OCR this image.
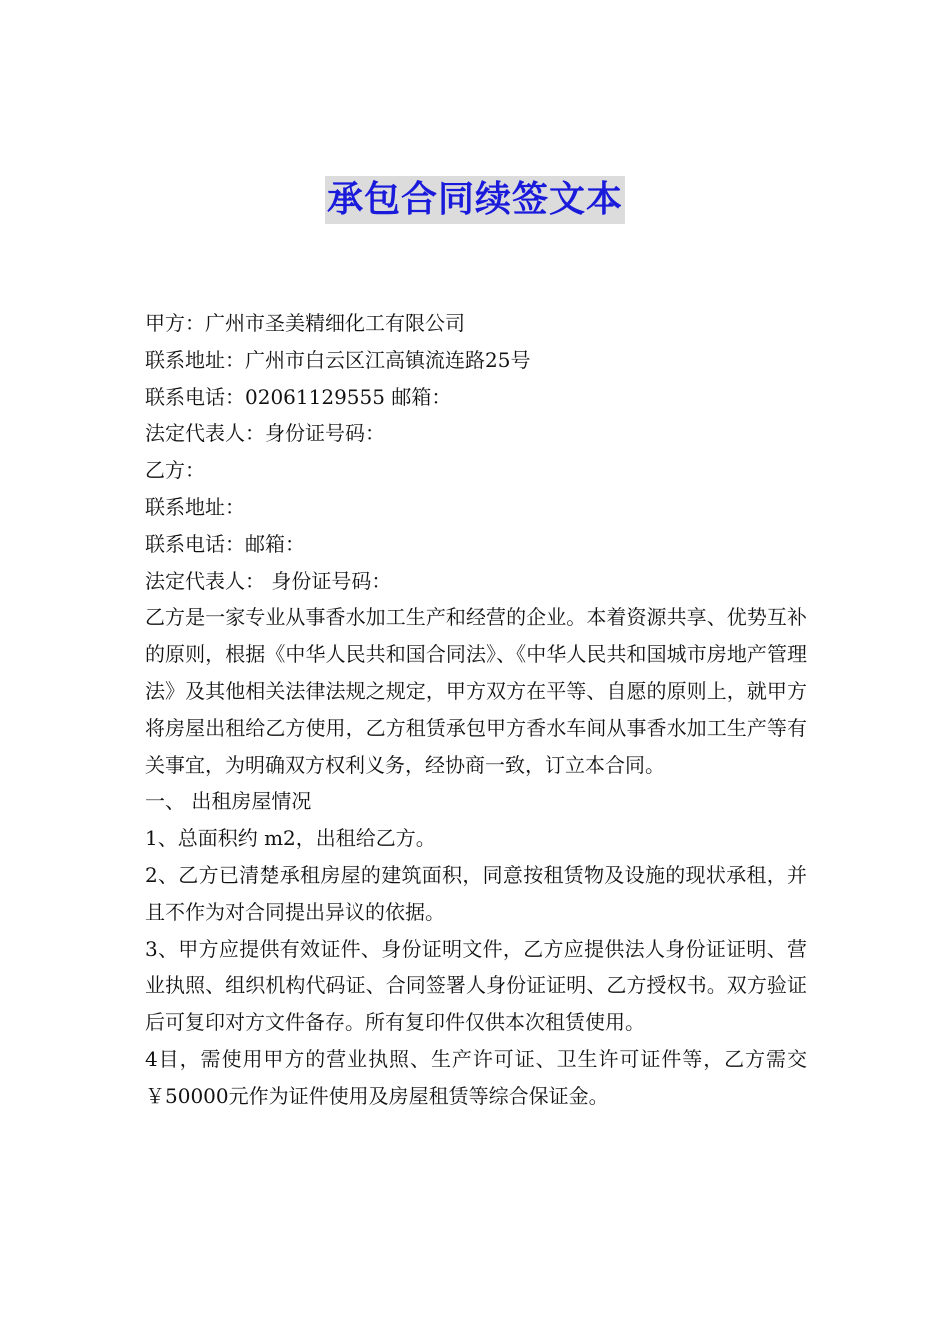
承包合同续签文本

甲方：广州市圣美精细化工有限公司

联系地址：广州市白云区江高镇流连路25号

联系电话：02061129555 邮箱：

法定代表人：身份证号码：

乙方：

联系地址：

联系电话：邮箱：

法定代表人： 身份证号码：

乙方是一家专业从事香水加工生产和经营的企业。本着资源共享、优势互补的原则，根据《中华人民共和国合同法》、《中华人民共和国城市房地产管理法》及其他相关法律法规之规定，甲方双方在平等、自愿的原则上，就甲方将房屋出租给乙方使用，乙方租赁承包甲方香水车间从事香水加工生产等有关事宜，为明确双方权利义务，经协商一致，订立本合同。

一、 出租房屋情况

1、总面积约 m2，出租给乙方。

2、乙方已清楚承租房屋的建筑面积，同意按租赁物及设施的现状承租，并且不作为对合同提出异议的依据。

3、甲方应提供有效证件、身份证明文件，乙方应提供法人身份证证明、营业执照、组织机构代码证、合同签署人身份证证明、乙方授权书。双方验证后可复印对方文件备存。所有复印件仅供本次租赁使用。

4目，需使用甲方的营业执照、生产许可证、卫生许可证件等，乙方需交￥50000元作为证件使用及房屋租赁等综合保证金。
